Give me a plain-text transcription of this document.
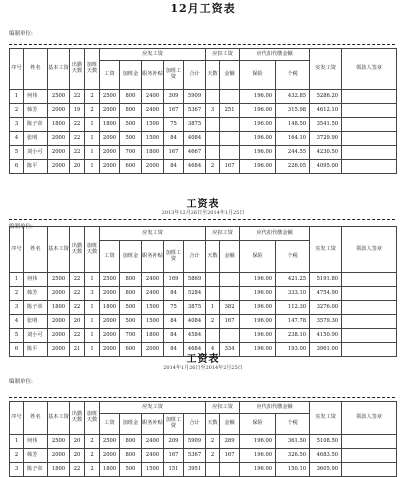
12月工资表
编制单位:
序号	姓名	基本工资	出勤天数	加班天数	应发工资					应扣工资		应代扣代缴金额		实发工资	领款人签章
					工资	加班金	职务补贴	加班工资	合计	天数	金额	保险	个税		

1	何伟	2500	22	2	2500	800	2400	309	5909			196.00	432.85	5286.20	
2	韩芳	2000	19	2	2000	800	2400	167	5367	3	251	196.00	315.98	4612.10	
3	陈子帝	1800	22	1	1800	500	1500	75	3875			196.00	148.50	3541.50	
4	张明	2000	22	1	2000	500	1500	84	4084			196.00	164.10	3729.90	
5	刘小可	2000	22	1	2000	700	1800	167	4667			196.00	244.55	4230.50	
6	陈平	2000	20	1	2000	600	2000	84	4684	2	167	196.00	226.05	4095.00	
工资表
2013年12月26日至2014年1月25日
编制单位:
序号	姓名	基本工资	出勤天数	加班天数	应发工资					应扣工资		应代扣代缴金额		实发工资	领款人签章
					工资	加班金	职务补贴	加班工资	合计	天数	金额	保险	个税		

1	何伟	2500	22	1	2500	800	2400	169	5869			196.00	421.25	5191.80	
2	韩芳	2000	22	3	2000	800	2400	84	5284			196.00	333.10	4754.90	
3	陈子帝	1800	22	1	1800	500	1500	75	3875	1	382	196.00	112.30	3276.00	
4	张明	2000	20	1	2000	500	1500	84	4084	2	167	196.00	147.78	3579.30	
5	刘小可	2000	22	1	2000	700	1800	84	4584			196.00	238.10	4150.90	
6	陈平	2000	21	1	2000	600	2000	84	4684	4	334	196.00	193.00	3961.00	
工资表
2014年1月26日至2014年2月25日
编制单位:
序号	姓名	基本工资	出勤天数	加班天数	应发工资					应扣工资		应代扣代缴金额		实发工资	领款人签章
					工资	加班金	职务补贴	加班工资	合计	天数	金额	保险	个税		

1	何伟	2500	20	2	2500	800	2400	209	5909	2	289	196.00	361.50	5108.50	
2	韩芳	2000	20	2	2000	800	2400	167	5367	2	167	196.00	326.50	4683.50	
3	陈子帝	1800	22	2	1800	500	1500	151	3951			196.00	150.10	3605.90	
